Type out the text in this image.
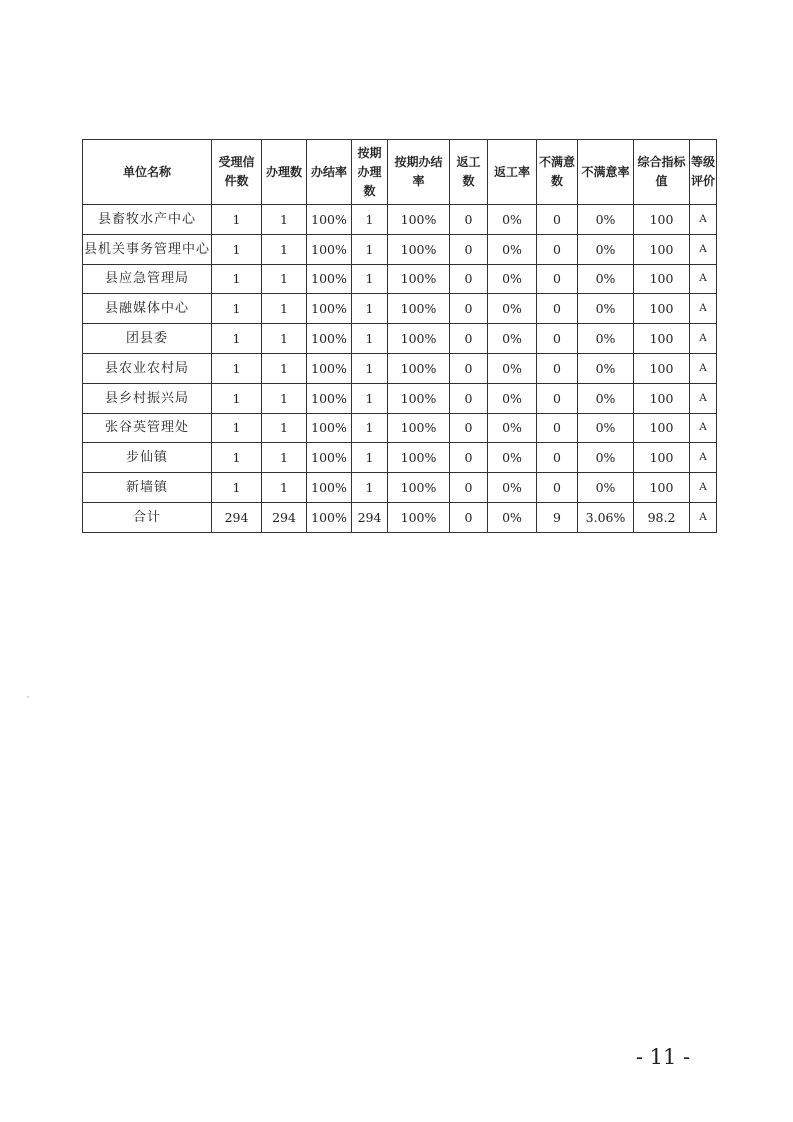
单位名称	受理信件数	办理数	办结率	按期办理数	按期办结率	返工数	返工率	不满意数	不满意率	综合指标值	等级评价
县畜牧水产中心	1	1	100%	1	100%	0	0%	0	0%	100	A
县机关事务管理中心	1	1	100%	1	100%	0	0%	0	0%	100	A
县应急管理局	1	1	100%	1	100%	0	0%	0	0%	100	A
县融媒体中心	1	1	100%	1	100%	0	0%	0	0%	100	A
团县委	1	1	100%	1	100%	0	0%	0	0%	100	A
县农业农村局	1	1	100%	1	100%	0	0%	0	0%	100	A
县乡村振兴局	1	1	100%	1	100%	0	0%	0	0%	100	A
张谷英管理处	1	1	100%	1	100%	0	0%	0	0%	100	A
步仙镇	1	1	100%	1	100%	0	0%	0	0%	100	A
新墙镇	1	1	100%	1	100%	0	0%	0	0%	100	A
合计	294	294	100%	294	100%	0	0%	9	3.06%	98.2	A
- 11 -
